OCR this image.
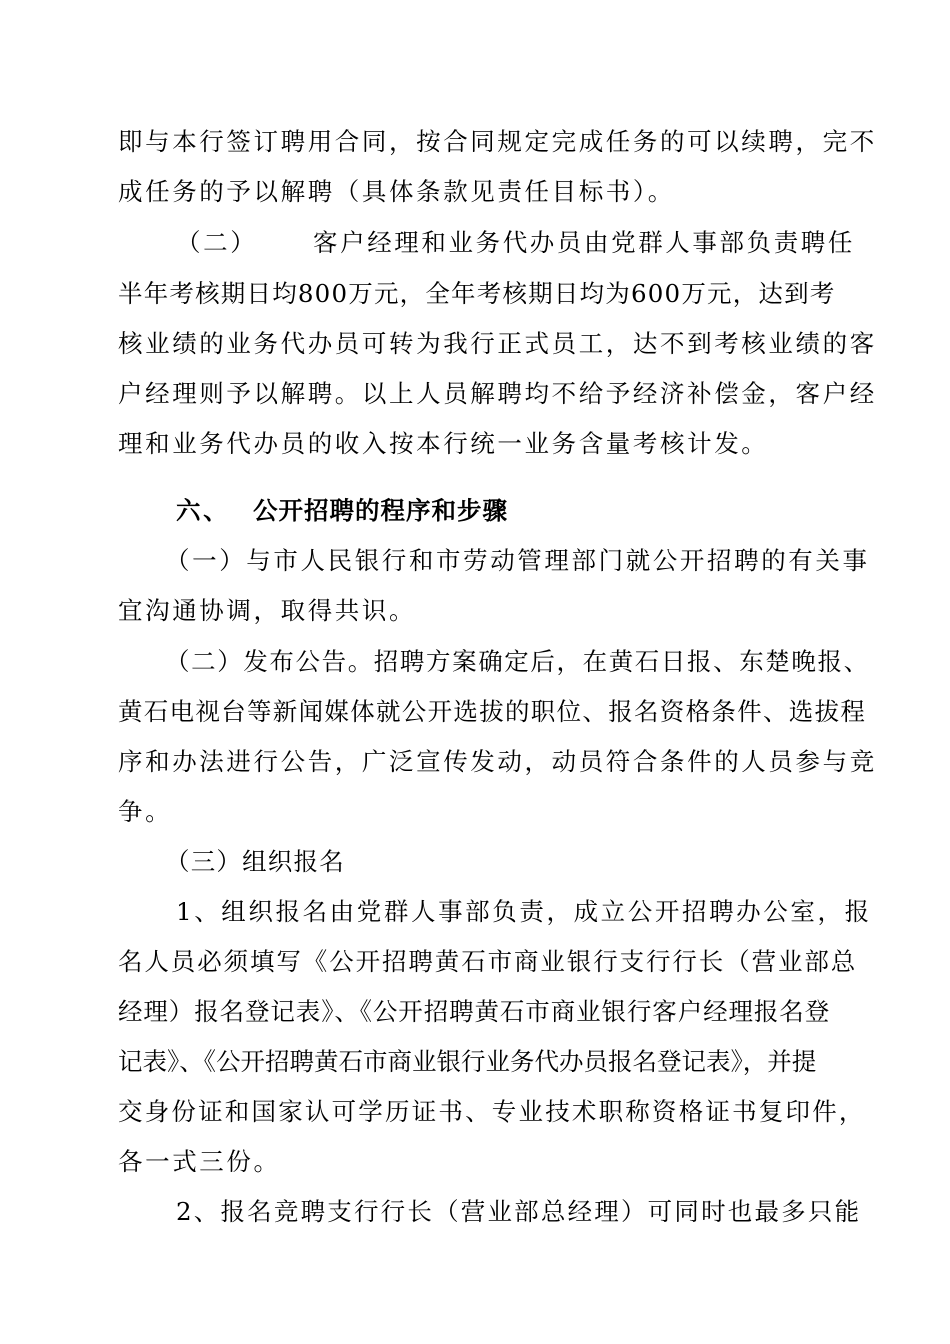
即与本行签订聘用合同，按合同规定完成任务的可以续聘，完不
成任务的予以解聘（具体条款见责任目标书）。
（二） 客户经理和业务代办员由党群人事部负责聘任
半年考核期日均800万元，全年考核期日均为600万元，达到考
核业绩的业务代办员可转为我行正式员工，达不到考核业绩的客
户经理则予以解聘。以上人员解聘均不给予经济补偿金，客户经
理和业务代办员的收入按本行统一业务含量考核计发。
六、 公开招聘的程序和步骤
（一）与市人民银行和市劳动管理部门就公开招聘的有关事
宜沟通协调，取得共识。
（二）发布公告。招聘方案确定后，在黄石日报、东楚晚报、
黄石电视台等新闻媒体就公开选拔的职位、报名资格条件、选拔程
序和办法进行公告，广泛宣传发动，动员符合条件的人员参与竞
争。
（三）组织报名
1、组织报名由党群人事部负责，成立公开招聘办公室，报
名人员必须填写《公开招聘黄石市商业银行支行行长（营业部总
经理）报名登记表》、《公开招聘黄石市商业银行客户经理报名登
记表》、《公开招聘黄石市商业银行业务代办员报名登记表》，并提
交身份证和国家认可学历证书、专业技术职称资格证书复印件，
各一式三份。
2、报名竞聘支行行长（营业部总经理）可同时也最多只能
